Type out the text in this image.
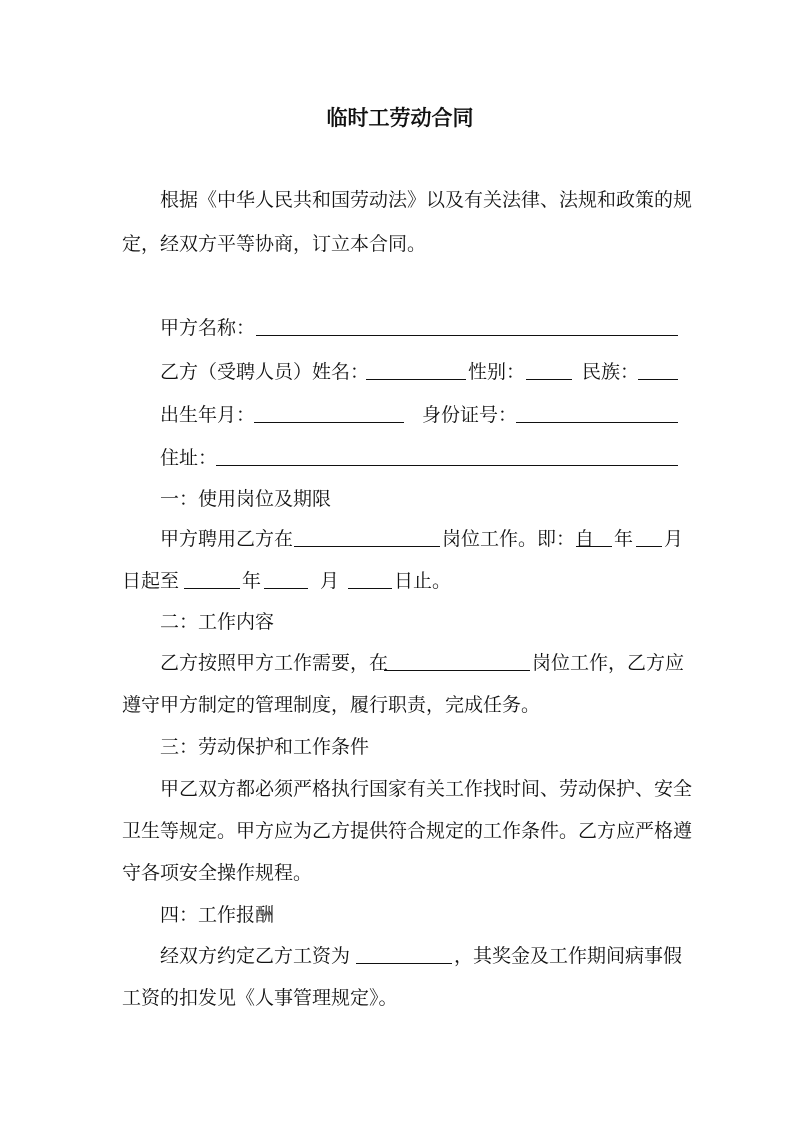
临时工劳动合同
根据《中华人民共和国劳动法》以及有关法律、法规和政策的规
定，经双方平等协商，订立本合同。
甲方名称：
乙方（受聘人员）姓名：	性别：	民族：
出生年月：	身份证号：
住址：
一：使用岗位及期限
甲方聘用乙方在	岗位工作。即：自 年 月
日起至	年	月	日止。
二：工作内容
乙方按照甲方工作需要，在	岗位工作，乙方应
遵守甲方制定的管理制度，履行职责，完成任务。
三：劳动保护和工作条件
甲乙双方都必须严格执行国家有关工作找时间、劳动保护、安全
卫生等规定。甲方应为乙方提供符合规定的工作条件。乙方应严格遵
守各项安全操作规程。
四：工作报酬
经双方约定乙方工资为	，其奖金及工作期间病事假
工资的扣发见《人事管理规定》。
